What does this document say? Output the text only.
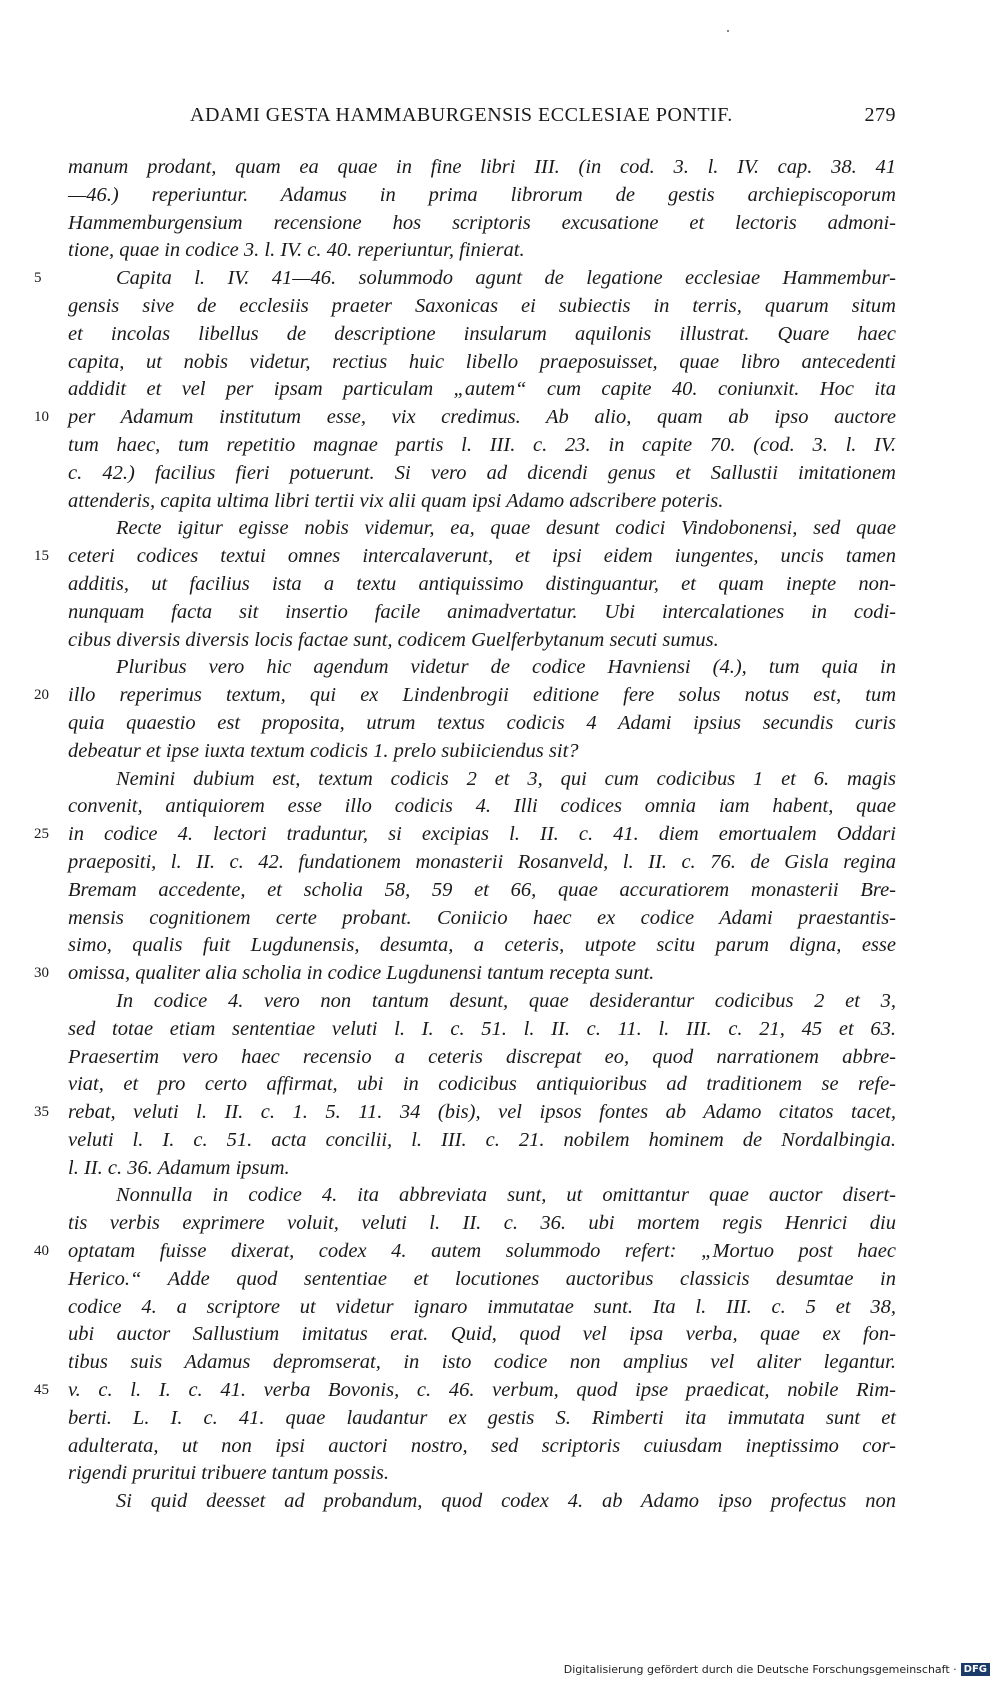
ADAMI GESTA HAMMABURGENSIS ECCLESIAE PONTIF.	279
manum prodant, quam ea quae in fine libri III. (in cod. 3. l. IV. cap. 38. 41
—46.) reperiuntur. Adamus in prima librorum de gestis archiepiscoporum
Hammemburgensium recensione hos scriptoris excusatione et lectoris admoni-
tione, quae in codice 3. l. IV. c. 40. reperiuntur, finierat.
5	Capita l. IV. 41—46. solummodo agunt de legatione ecclesiae Hammembur-
gensis sive de ecclesiis praeter Saxonicas ei subiectis in terris, quarum situm
et incolas libellus de descriptione insularum aquilonis illustrat. Quare haec
capita, ut nobis videtur, rectius huic libello praeposuisset, quae libro antecedenti
addidit et vel per ipsam particulam „autem“ cum capite 40. coniunxit. Hoc ita
10 per Adamum institutum esse, vix credimus. Ab alio, quam ab ipso auctore
tum haec, tum repetitio magnae partis l. III. c. 23. in capite 70. (cod. 3. l. IV.
c. 42.) facilius fieri potuerunt. Si vero ad dicendi genus et Sallustii imitationem
attenderis, capita ultima libri tertii vix alii quam ipsi Adamo adscribere poteris.
Recte igitur egisse nobis videmur, ea, quae desunt codici Vindobonensi, sed quae
15 ceteri codices textui omnes intercalaverunt, et ipsi eidem iungentes, uncis tamen
additis, ut facilius ista a textu antiquissimo distinguantur, et quam inepte non-
nunquam facta sit insertio facile animadvertatur. Ubi intercalationes in codi-
cibus diversis diversis locis factae sunt, codicem Guelferbytanum secuti sumus.
Pluribus vero hic agendum videtur de codice Havniensi (4.), tum quia in
20 illo reperimus textum, qui ex Lindenbrogii editione fere solus notus est, tum
quia quaestio est proposita, utrum textus codicis 4 Adami ipsius secundis curis
debeatur et ipse iuxta textum codicis 1. prelo subiiciendus sit?
Nemini dubium est, textum codicis 2 et 3, qui cum codicibus 1 et 6. magis
convenit, antiquiorem esse illo codicis 4. Illi codices omnia iam habent, quae
25 in codice 4. lectori traduntur, si excipias l. II. c. 41. diem emortualem Oddari
praepositi, l. II. c. 42. fundationem monasterii Rosanveld, l. II. c. 76. de Gisla regina
Bremam accedente, et scholia 58, 59 et 66, quae accuratiorem monasterii Bre-
mensis cognitionem certe probant. Coniicio haec ex codice Adami praestantis-
simo, qualis fuit Lugdunensis, desumta, a ceteris, utpote scitu parum digna, esse
30 omissa, qualiter alia scholia in codice Lugdunensi tantum recepta sunt.
In codice 4. vero non tantum desunt, quae desiderantur codicibus 2 et 3,
sed totae etiam sententiae veluti l. I. c. 51. l. II. c. 11. l. III. c. 21, 45 et 63.
Praesertim vero haec recensio a ceteris discrepat eo, quod narrationem abbre-
viat, et pro certo affirmat, ubi in codicibus antiquioribus ad traditionem se refe-
35 rebat, veluti l. II. c. 1. 5. 11. 34 (bis), vel ipsos fontes ab Adamo citatos tacet,
veluti l. I. c. 51. acta concilii, l. III. c. 21. nobilem hominem de Nordalbingia.
l. II. c. 36. Adamum ipsum.
Nonnulla in codice 4. ita abbreviata sunt, ut omittantur quae auctor disert-
tis verbis exprimere voluit, veluti l. II. c. 36. ubi mortem regis Henrici diu
40 optatam fuisse dixerat, codex 4. autem solummodo refert: „Mortuo post haec
Herico.“ Adde quod sententiae et locutiones auctoribus classicis desumtae in
codice 4. a scriptore ut videtur ignaro immutatae sunt. Ita l. III. c. 5 et 38,
ubi auctor Sallustium imitatus erat. Quid, quod vel ipsa verba, quae ex fon-
tibus suis Adamus depromserat, in isto codice non amplius vel aliter legantur.
45 v. c. l. I. c. 41. verba Bovonis, c. 46. verbum, quod ipse praedicat, nobile Rim-
berti. L. I. c. 41. quae laudantur ex gestis S. Rimberti ita immutata sunt et
adulterata, ut non ipsi auctori nostro, sed scriptoris cuiusdam ineptissimo cor-
rigendi pruritui tribuere tantum possis.
Si quid deesset ad probandum, quod codex 4. ab Adamo ipso profectus non
Digitalisierung gefördert durch die Deutsche Forschungsgemeinschaft · DFG
